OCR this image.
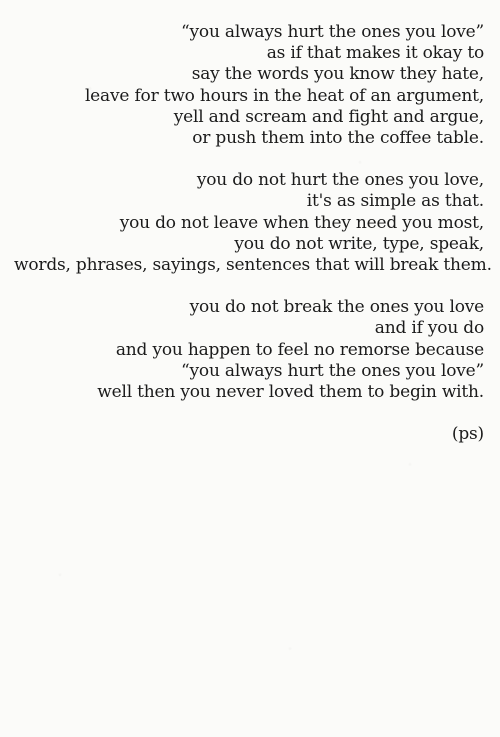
“you always hurt the ones you love”
as if that makes it okay to
say the words you know they hate,
leave for two hours in the heat of an argument,
yell and scream and fight and argue,
or push them into the coffee table.
you do not hurt the ones you love,
it's as simple as that.
you do not leave when they need you most,
you do not write, type, speak,
words, phrases, sayings, sentences that will break them.
you do not break the ones you love
and if you do
and you happen to feel no remorse because
“you always hurt the ones you love”
well then you never loved them to begin with.
(ps)
